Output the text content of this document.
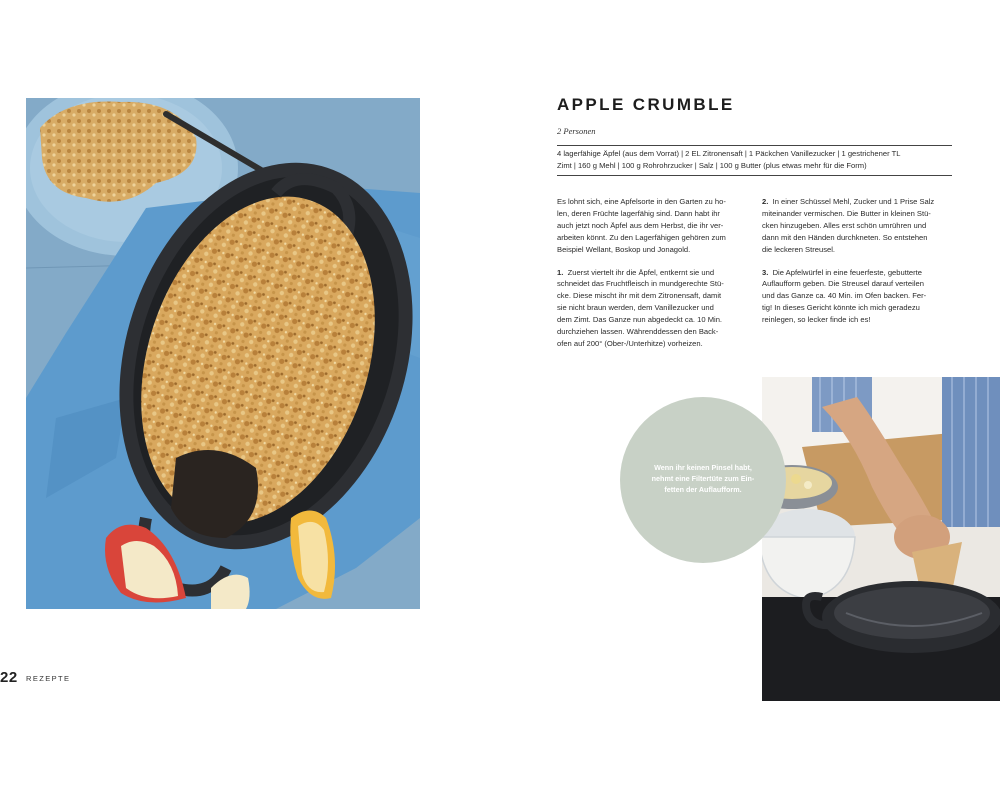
22 REZEPTE
APPLE CRUMBLE
2 Personen
4 lagerfähige Äpfel (aus dem Vorrat) | 2 EL Zitronensaft | 1 Päckchen Vanillezucker | 1 gestrichener TL
Zimt | 160 g Mehl | 100 g Rohrohrzucker | Salz | 100 g Butter (plus etwas mehr für die Form)
Es lohnt sich, eine Apfelsorte in den Garten zu ho-
len, deren Früchte lagerfähig sind. Dann habt ihr
auch jetzt noch Äpfel aus dem Herbst, die ihr ver-
arbeiten könnt. Zu den Lagerfähigen gehören zum
Beispiel Wellant, Boskop und Jonagold.
1. Zuerst viertelt ihr die Äpfel, entkernt sie und
schneidet das Fruchtfleisch in mundgerechte Stü-
cke. Diese mischt ihr mit dem Zitronensaft, damit
sie nicht braun werden, dem Vanillezucker und
dem Zimt. Das Ganze nun abgedeckt ca. 10 Min.
durchziehen lassen. Währenddessen den Back-
ofen auf 200° (Ober-/Unterhitze) vorheizen.
2. In einer Schüssel Mehl, Zucker und 1 Prise Salz
miteinander vermischen. Die Butter in kleinen Stü-
cken hinzugeben. Alles erst schön umrühren und
dann mit den Händen durchkneten. So entstehen
die leckeren Streusel.
3. Die Apfelwürfel in eine feuerfeste, gebutterte
Auflaufform geben. Die Streusel darauf verteilen
und das Ganze ca. 40 Min. im Ofen backen. Fer-
tig! In dieses Gericht könnte ich mich geradezu
reinlegen, so lecker finde ich es!
Wenn ihr keinen Pinsel habt,
nehmt eine Filtertüte zum Ein-
fetten der Auflaufform.
